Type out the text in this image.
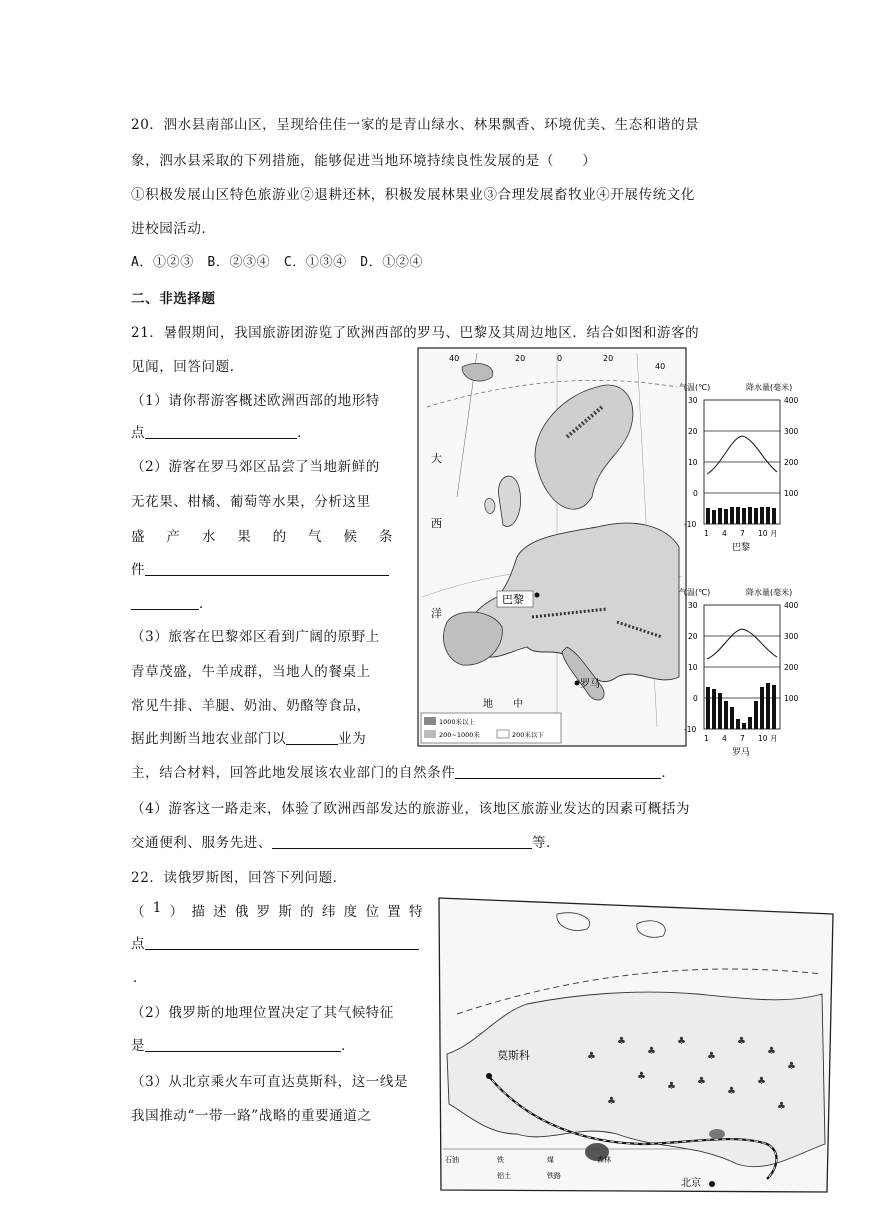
20．泗水县南部山区，呈现给佳佳一家的是青山绿水、林果飘香、环境优美、生态和谐的景
象，泗水县采取的下列措施，能够促进当地环境持续良性发展的是（　　）
①积极发展山区特色旅游业②退耕还林，积极发展林果业③合理发展畜牧业④开展传统文化
进校园活动．
A．①②③　B．②③④　C．①③④　D．①②④
二、非选择题
21．暑假期间，我国旅游团游览了欧洲西部的罗马、巴黎及其周边地区．结合如图和游客的
见闻，回答问题．
（1）请你帮游客概述欧洲西部的地形特
点	．
（2）游客在罗马郊区品尝了当地新鲜的
无花果、柑橘、葡萄等水果，分析这里
盛 产 水 果 的 气 候 条
件
．
（3）旅客在巴黎郊区看到广阔的原野上
青草茂盛，牛羊成群，当地人的餐桌上
常见牛排、羊腿、奶油、奶酪等食品，
据此判断当地农业部门以	业为
主，结合材料，回答此地发展该农业部门的自然条件	．
（4）游客这一路走来，体验了欧洲西部发达的旅游业，该地区旅游业发达的因素可概括为
交通便利、服务先进、	等．
40	20	0	20
40
大
西
洋
巴黎
罗马
地 中
1000米以上
200~1000米	200米以下
气温(℃)	降水量(毫米)
30
20
10
0
-10
400
300
200
100
1 4 7 10 月
巴黎
气温(℃)	降水量(毫米)
30
20
10
0
-10
400
300
200
100
1 4 7 10 月
罗马
22．读俄罗斯图，回答下列问题．
（ 1 ） 描 述 俄 罗 斯 的 纬 度 位 置 特
点
．
（2）俄罗斯的地理位置决定了其气候特征
是	．
（3）从北京乘火车可直达莫斯科，这一线是
我国推动“一带一路”战略的重要通道之
♣
♣
♣
♣
♣
♣
♣
♣ ♣
♣
♣
♣
♣
♣
♣
莫斯科
北京
石油	铁	煤	森林
铝土	铁路
